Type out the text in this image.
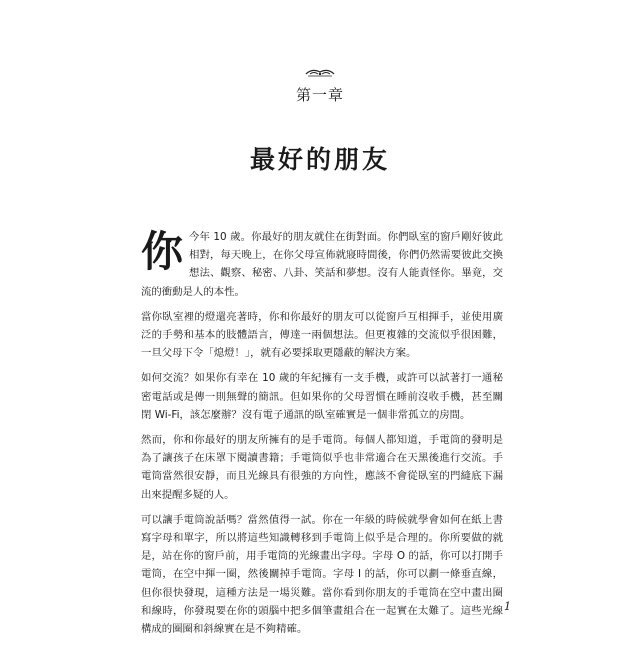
第一章
最好的朋友

你今年 10 歲。你最好的朋友就住在街對面。你們臥室的窗戶剛好彼此相對，每天晚上，在你父母宣佈就寢時間後，你們仍然需要彼此交換想法、觀察、秘密、八卦、笑話和夢想。沒有人能責怪你。畢竟，交流的衝動是人的本性。

當你臥室裡的燈還亮著時，你和你最好的朋友可以從窗戶互相揮手，並使用廣泛的手勢和基本的肢體語言，傳達一兩個想法。但更複雜的交流似乎很困難，一旦父母下令「熄燈！」，就有必要採取更隱蔽的解決方案。

如何交流？如果你有幸在 10 歲的年紀擁有一支手機，或許可以試著打一通秘密電話或是傳一則無聲的簡訊。但如果你的父母習慣在睡前沒收手機，甚至關閉 Wi-Fi，該怎麼辦？沒有電子通訊的臥室確實是一個非常孤立的房間。

然而，你和你最好的朋友所擁有的是手電筒。每個人都知道，手電筒的發明是為了讓孩子在床罩下閱讀書籍；手電筒似乎也非常適合在天黑後進行交流。手電筒當然很安靜，而且光線具有很強的方向性，應該不會從臥室的門縫底下漏出來提醒多疑的人。

可以讓手電筒說話嗎？當然值得一試。你在一年級的時候就學會如何在紙上書寫字母和單字，所以將這些知識轉移到手電筒上似乎是合理的。你所要做的就是，站在你的窗戶前，用手電筒的光線畫出字母。字母 O 的話，你可以打開手電筒，在空中揮一圈，然後關掉手電筒。字母 I 的話，你可以劃一條垂直線，但你很快發現，這種方法是一場災難。當你看到你朋友的手電筒在空中畫出圈和線時，你發現要在你的頭腦中把多個筆畫組合在一起實在太難了。這些光線構成的圈圈和斜線實在是不夠精確。

1
